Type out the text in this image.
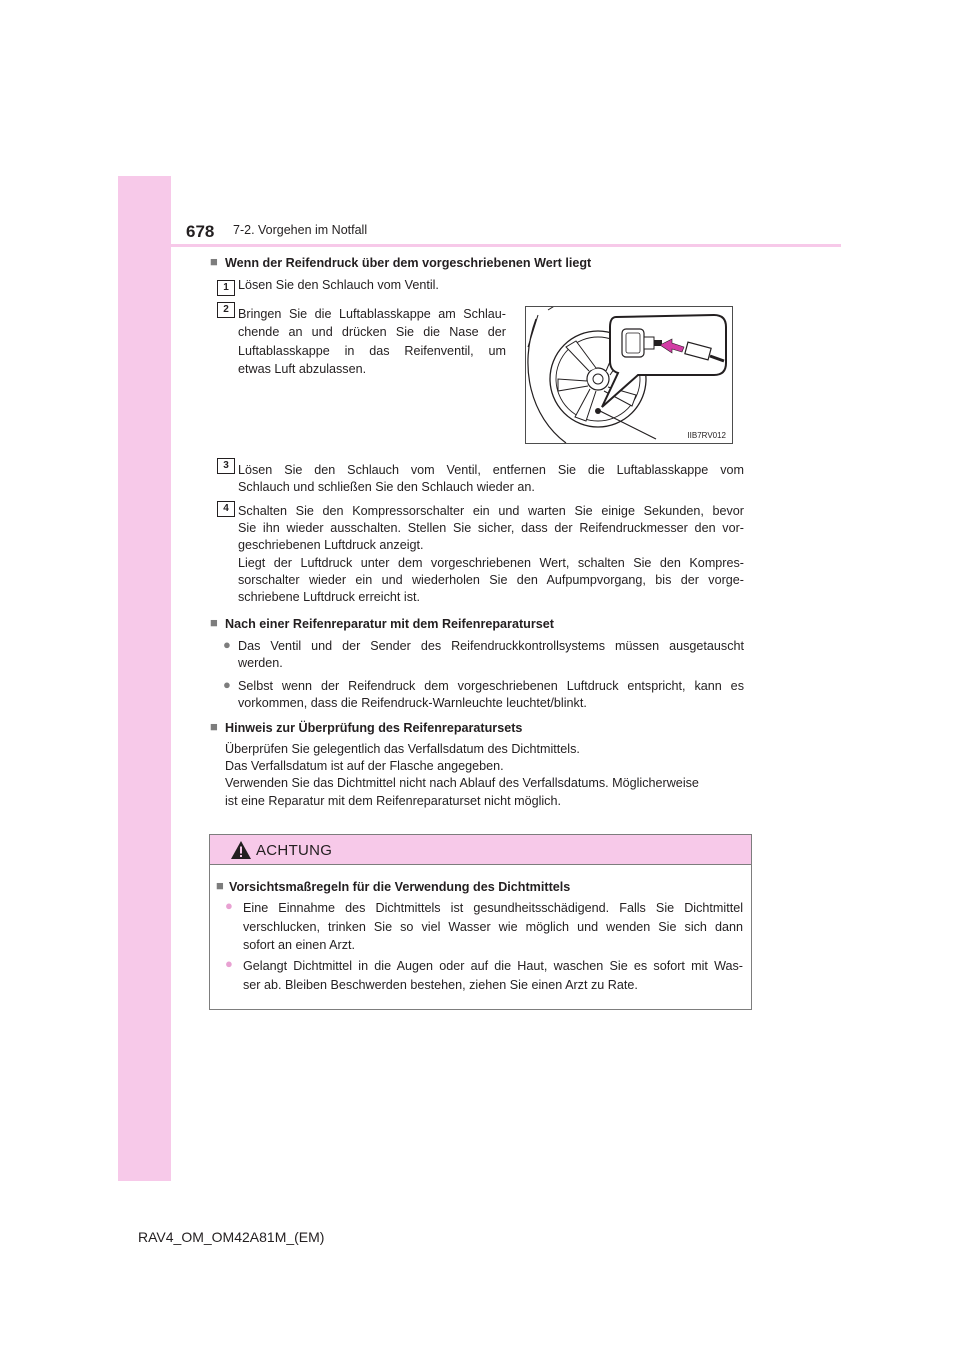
678 7-2. Vorgehen im Notfall
■ Wenn der Reifendruck über dem vorgeschriebenen Wert liegt
1 Lösen Sie den Schlauch vom Ventil.
2 Bringen Sie die Luftablasskappe am Schlau-
chende an und drücken Sie die Nase der
Luftablasskappe in das Reifenventil, um
etwas Luft abzulassen.
IIB7RV012
3 Lösen Sie den Schlauch vom Ventil, entfernen Sie die Luftablasskappe vom
Schlauch und schließen Sie den Schlauch wieder an.
4 Schalten Sie den Kompressorschalter ein und warten Sie einige Sekunden, bevor
Sie ihn wieder ausschalten. Stellen Sie sicher, dass der Reifendruckmesser den vor-
geschriebenen Luftdruck anzeigt.
Liegt der Luftdruck unter dem vorgeschriebenen Wert, schalten Sie den Kompres-
sorschalter wieder ein und wiederholen Sie den Aufpumpvorgang, bis der vorge-
schriebene Luftdruck erreicht ist.
■ Nach einer Reifenreparatur mit dem Reifenreparaturset
● Das Ventil und der Sender des Reifendruckkontrollsystems müssen ausgetauscht
werden.
● Selbst wenn der Reifendruck dem vorgeschriebenen Luftdruck entspricht, kann es
vorkommen, dass die Reifendruck-Warnleuchte leuchtet/blinkt.
■ Hinweis zur Überprüfung des Reifenreparatursets
Überprüfen Sie gelegentlich das Verfallsdatum des Dichtmittels.
Das Verfallsdatum ist auf der Flasche angegeben.
Verwenden Sie das Dichtmittel nicht nach Ablauf des Verfallsdatums. Möglicherweise
ist eine Reparatur mit dem Reifenreparaturset nicht möglich.
ACHTUNG
■ Vorsichtsmaßregeln für die Verwendung des Dichtmittels
● Eine Einnahme des Dichtmittels ist gesundheitsschädigend. Falls Sie Dichtmittel
verschlucken, trinken Sie so viel Wasser wie möglich und wenden Sie sich dann
sofort an einen Arzt.
● Gelangt Dichtmittel in die Augen oder auf die Haut, waschen Sie es sofort mit Was-
ser ab. Bleiben Beschwerden bestehen, ziehen Sie einen Arzt zu Rate.
RAV4_OM_OM42A81M_(EM)
